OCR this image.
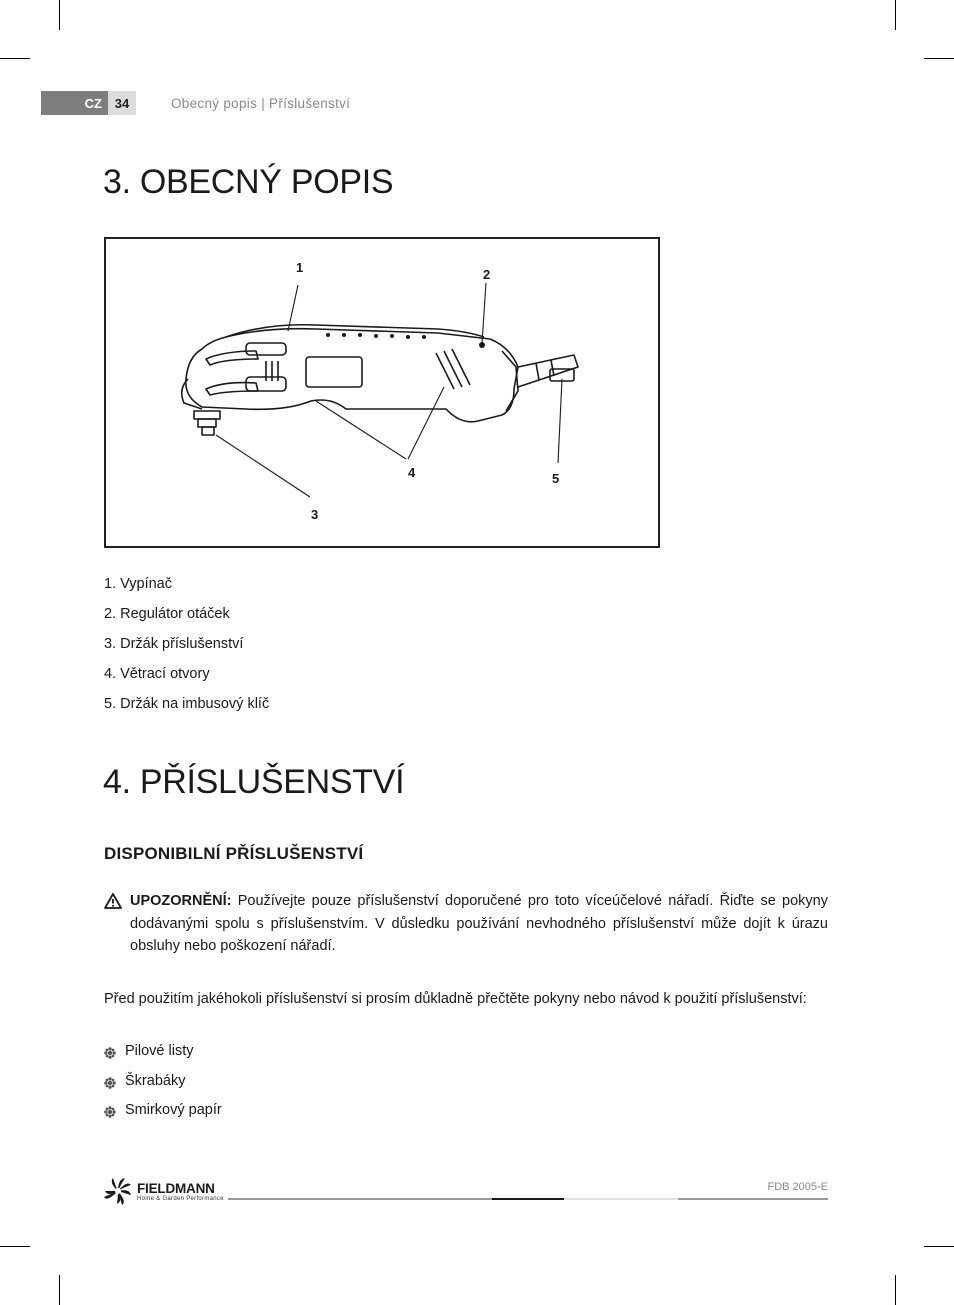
CZ 34	Obecný popis | Příslušenství
3. OBECNÝ POPIS
1	2
3
4	5
1. Vypínač
2. Regulátor otáček
3. Držák příslušenství
4. Větrací otvory
5. Držák na imbusový klíč
4. PŘÍSLUŠENSTVÍ
DISPONIBILNÍ PŘÍSLUŠENSTVÍ
UPOZORNĚNÍ: Používejte pouze příslušenství doporučené pro toto víceúčelové nářadí. Řiďte se pokyny dodávanými spolu s příslušenstvím. V důsledku používání nevhodného příslušenství může dojít k úrazu obsluhy nebo poškození nářadí.
Před použitím jakéhokoli příslušenství si prosím důkladně přečtěte pokyny nebo návod k použití příslušenství:
Pilové listy
Škrabáky
Smirkový papír
FIELDMANN
Home & Garden Performance
FDB 2005-E
